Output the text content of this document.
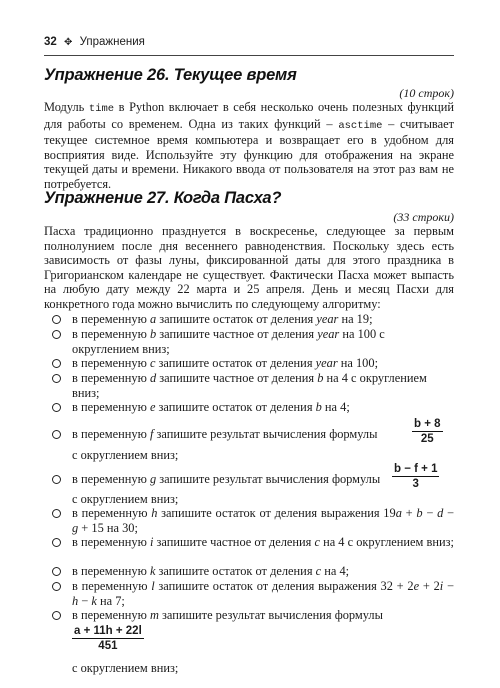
32 ✥ Упражнения
Упражнение 26. Текущее время
(10 строк)

Модуль time в Python включает в себя несколько очень полезных функций для работы со временем. Одна из таких функций – asctime – считывает текущее системное время компьютера и возвращает его в удобном для восприятия виде. Используйте эту функцию для отображения на экране текущей даты и времени. Никакого ввода от пользователя на этот раз вам не потребуется.

Упражнение 27. Когда Пасха?
(33 строки)

Пасха традиционно празднуется в воскресенье, следующее за первым полнолунием после дня весеннего равноденствия. Поскольку здесь есть зависимость от фазы луны, фиксированной даты для этого праздника в Григорианском календаре не существует. Фактически Пасха может выпасть на любую дату между 22 марта и 25 апреля. День и месяц Пасхи для конкретного года можно вычислить по следующему алгоритму:

в переменную a запишите остаток от деления year на 19;
в переменную b запишите частное от деления year на 100 с округлением вниз;
в переменную c запишите остаток от деления year на 100;
в переменную d запишите частное от деления b на 4 с округлением вниз;
в переменную e запишите остаток от деления b на 4;
в переменную f запишите результат вычисления формулы	$\frac{b + 8}{25}$
с округлением вниз;
в переменную g запишите результат вычисления формулы	$\frac{b - f + 1}{3}$
с округлением вниз;
в переменную h запишите остаток от деления выражения 19a + b − d − g + 15 на 30;
в переменную i запишите частное от деления c на 4 с округлением вниз;
в переменную k запишите остаток от деления c на 4;
в переменную l запишите остаток от деления выражения 32 + 2e + 2i − h − k на 7;
в переменную m запишите результат вычисления формулы
$\frac{a + 11h + 22l}{451}$
с округлением вниз;
